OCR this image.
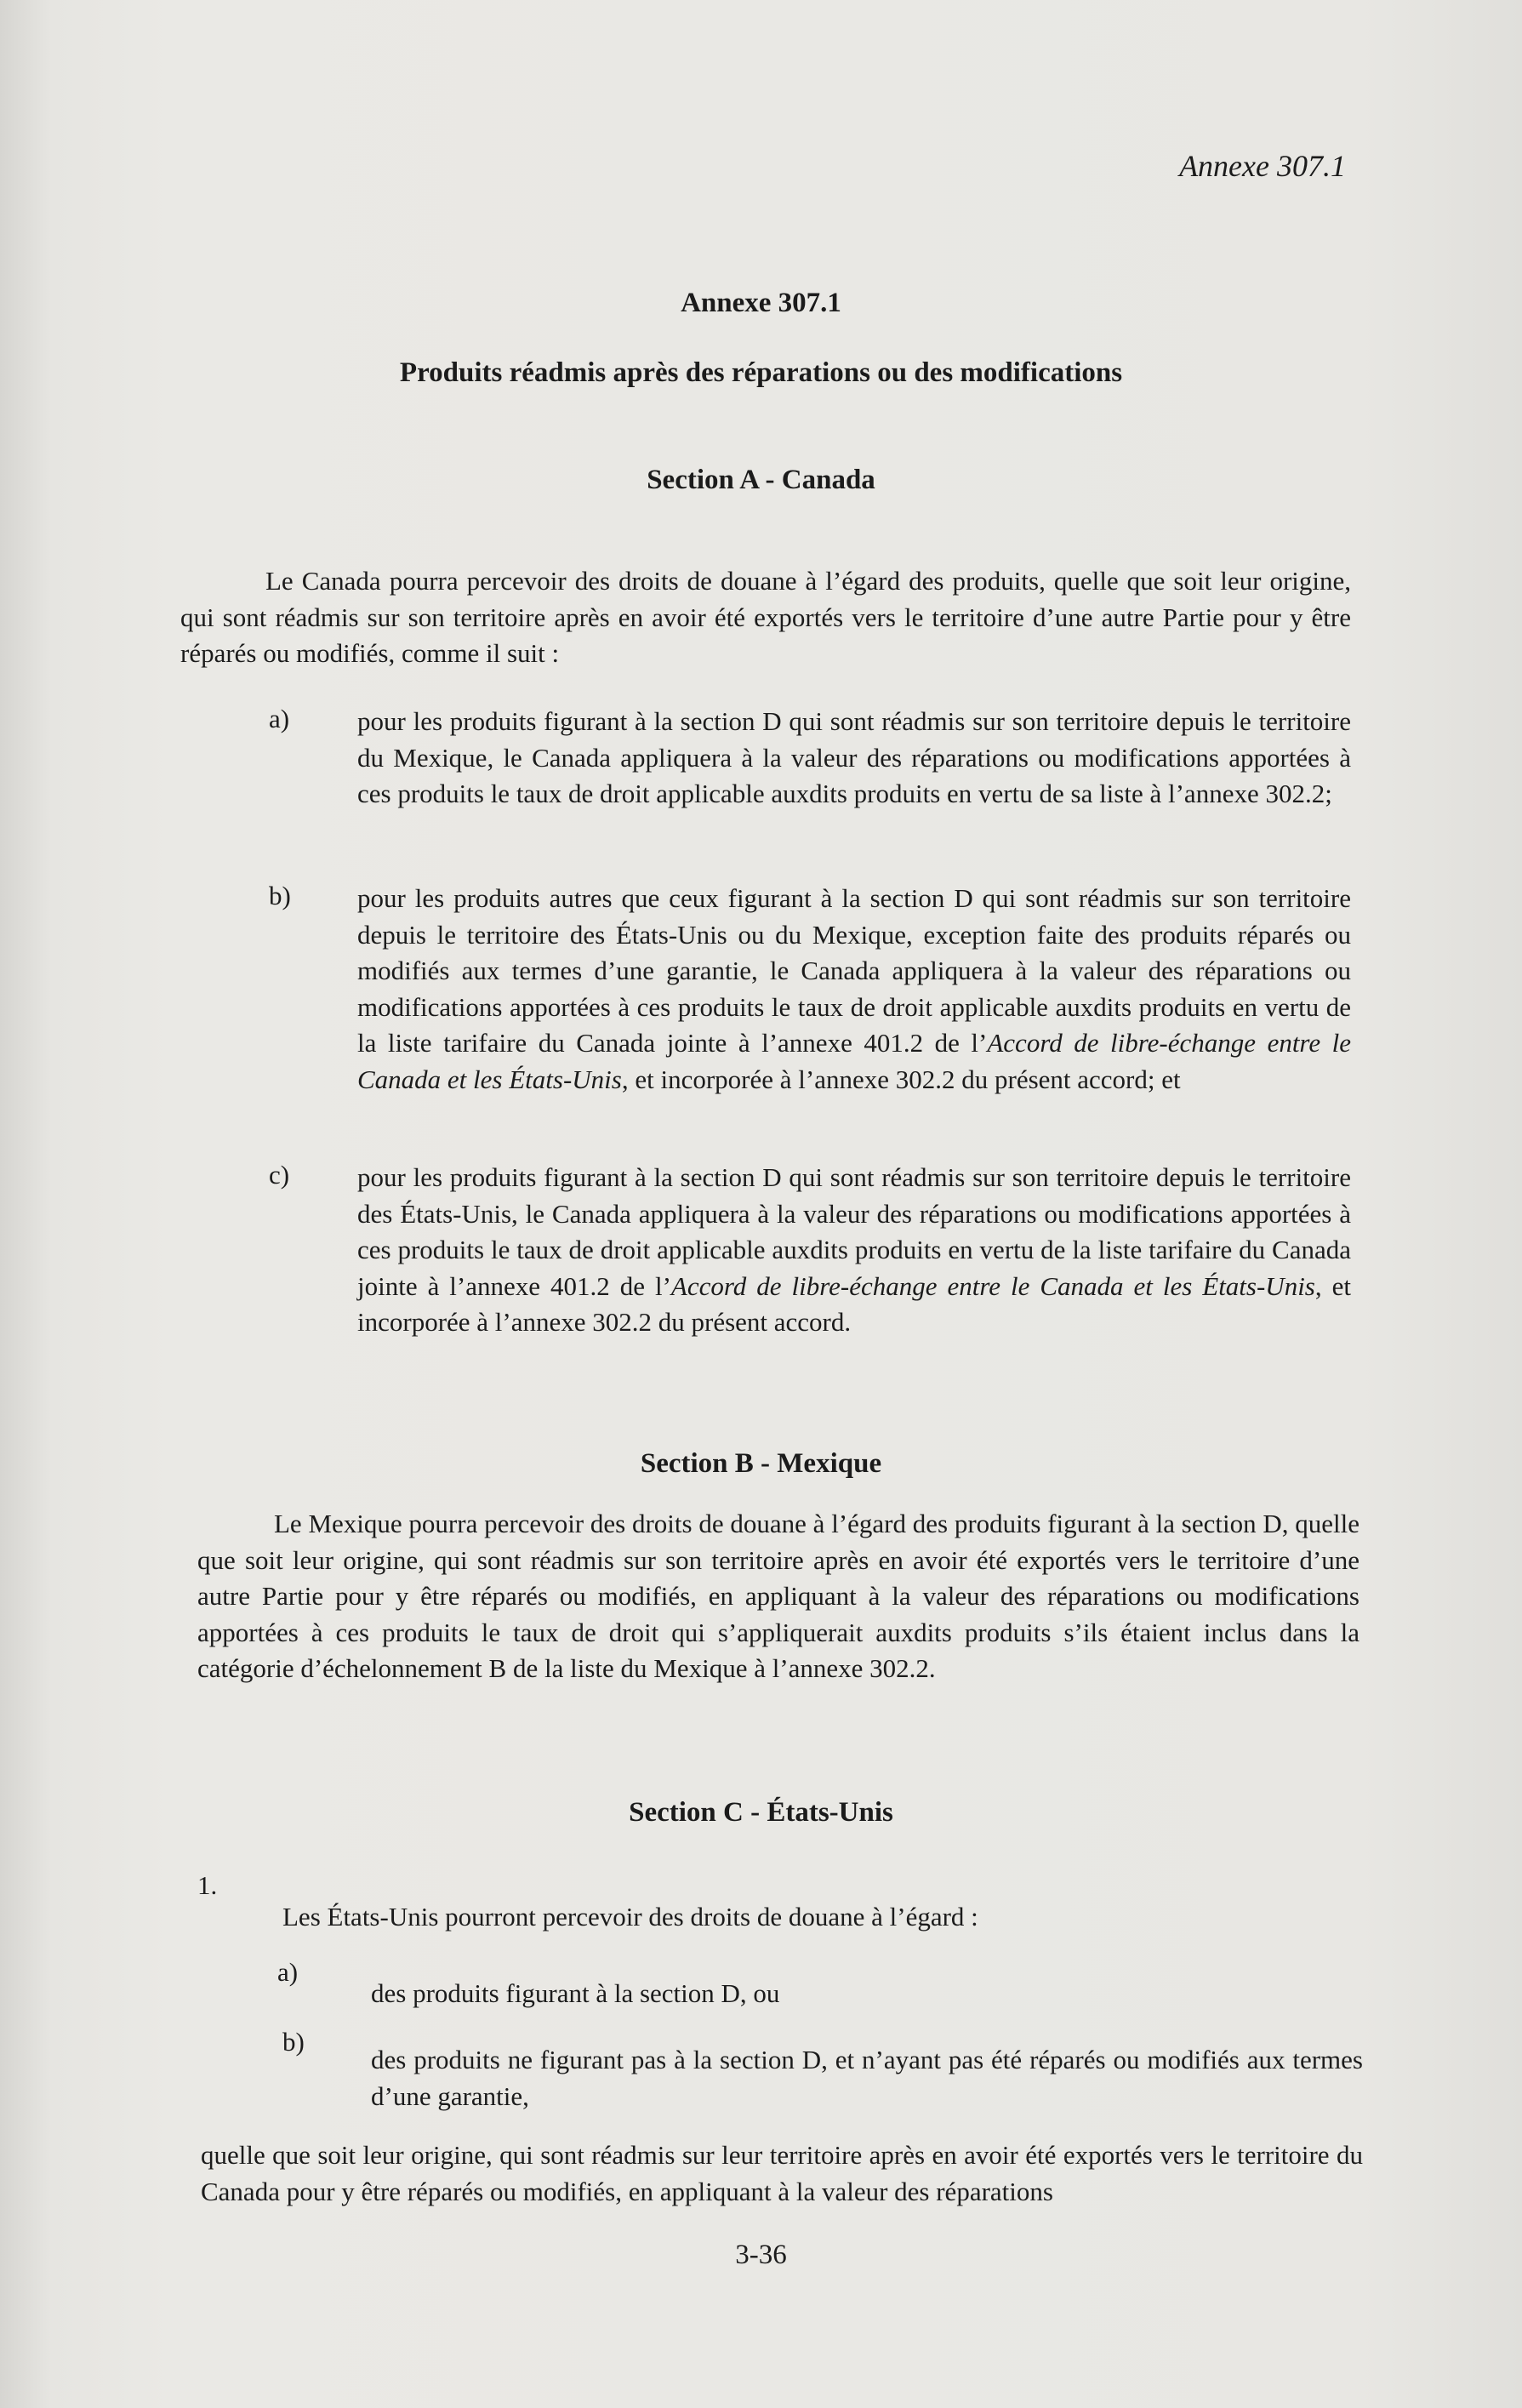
Annexe 307.1
Annexe 307.1
Produits réadmis après des réparations ou des modifications
Section A - Canada
Le Canada pourra percevoir des droits de douane à l’égard des produits, quelle que soit leur origine, qui sont réadmis sur son territoire après en avoir été exportés vers le territoire d’une autre Partie pour y être réparés ou modifiés, comme il suit :
a)	pour les produits figurant à la section D qui sont réadmis sur son territoire depuis le territoire du Mexique, le Canada appliquera à la valeur des réparations ou modifications apportées à ces produits le taux de droit applicable auxdits produits en vertu de sa liste à l’annexe 302.2;
b)	pour les produits autres que ceux figurant à la section D qui sont réadmis sur son territoire depuis le territoire des États-Unis ou du Mexique, exception faite des produits réparés ou modifiés aux termes d’une garantie, le Canada appliquera à la valeur des réparations ou modifications apportées à ces produits le taux de droit applicable auxdits produits en vertu de la liste tarifaire du Canada jointe à l’annexe 401.2 de l’Accord de libre-échange entre le Canada et les États-Unis, et incorporée à l’annexe 302.2 du présent accord; et
c)	pour les produits figurant à la section D qui sont réadmis sur son territoire depuis le territoire des États-Unis, le Canada appliquera à la valeur des réparations ou modifications apportées à ces produits le taux de droit applicable auxdits produits en vertu de la liste tarifaire du Canada jointe à l’annexe 401.2 de l’Accord de libre-échange entre le Canada et les États-Unis, et incorporée à l’annexe 302.2 du présent accord.
Section B - Mexique
Le Mexique pourra percevoir des droits de douane à l’égard des produits figurant à la section D, quelle que soit leur origine, qui sont réadmis sur son territoire après en avoir été exportés vers le territoire d’une autre Partie pour y être réparés ou modifiés, en appliquant à la valeur des réparations ou modifications apportées à ces produits le taux de droit qui s’appliquerait auxdits produits s’ils étaient inclus dans la catégorie d’échelonnement B de la liste du Mexique à l’annexe 302.2.
Section C - États-Unis
1.
Les États-Unis pourront percevoir des droits de douane à l’égard :
a)
des produits figurant à la section D, ou
b)
des produits ne figurant pas à la section D, et n’ayant pas été réparés ou modifiés aux termes d’une garantie,
quelle que soit leur origine, qui sont réadmis sur leur territoire après en avoir été exportés vers le territoire du Canada pour y être réparés ou modifiés, en appliquant à la valeur des réparations
3-36
